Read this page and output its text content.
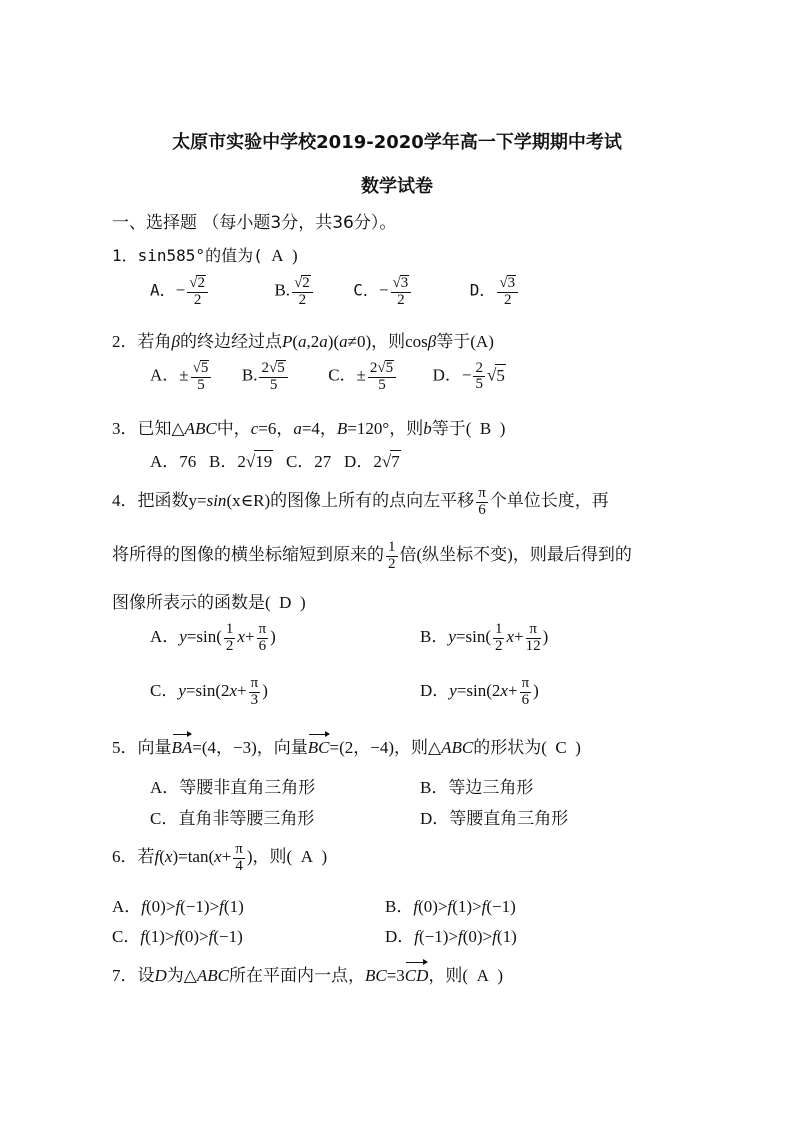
太原市实验中学校2019-2020学年高一下学期期中考试
数学试卷
一、选择题 （每小题3分，共36分）。
1．sin585°的值为( A )
A．− $\frac{√2}{2}$	B. $\frac{√2}{2}$	C．− $\frac{√3}{2}$	D． $\frac{√3}{2}$
2．若角β的终边经过点P(a,2a)(a≠0)，则cosβ等于(A)
A．± $\frac{√5}{5} B$. $\frac{2√5}{5}$ C．± $\frac{2√5}{5}$ D．− $\frac{2}{5} √5$
3．已知△ABC中，c=6，a=4，B=120°，则b等于( B )
A．76   B．2√19   C．27   D．2√7
4．把函数y=sin(x∈R)的图像上所有的点向左平移 $\frac{\pi}{6}$ 个单位长度，再
将所得的图像的横坐标缩短到原来的 $\frac{1}{2}$ 倍(纵坐标不变)，则最后得到的
图像所表示的函数是( D )
A．$y=\sin( \frac{1}{2} x+ \frac{\pi}{6}$ )	B．$y=\sin( \frac{1}{2} x+ \frac{\pi}{12}$ )
C．$y=\sin(2x+ \frac{\pi}{3}$ )	D．$y=\sin(2x+ \frac{\pi}{6}$ )
5．向量BA=(4，−3)，向量BC=(2，−4)，则△ABC的形状为( C )
A．等腰非直角三角形	B．等边三角形
C．直角非等腰三角形	D．等腰直角三角形
6．若$f(x)=\tan(x+ \frac{\pi}{4}$ )，则( A )
A．f(0)>f(−1)>f(1)	B．f(0)>f(1)>f(−1)
C．f(1)>f(0)>f(−1)	D．f(−1)>f(0)>f(1)
7．设D为△ABC所在平面内一点，BC=3CD，则( A )
